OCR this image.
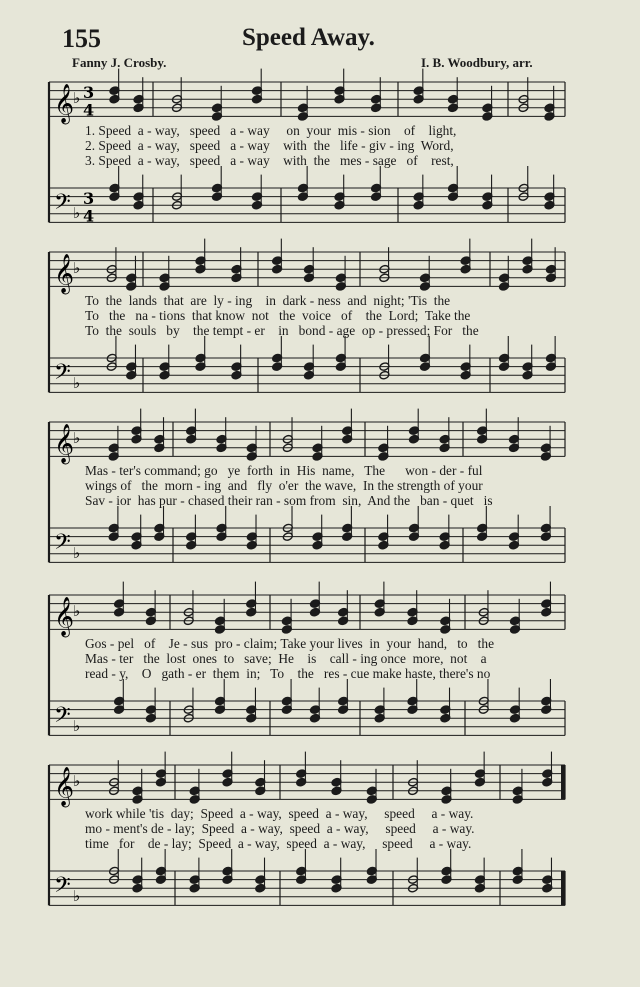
155	Speed Away.
Fanny J. Crosby.	I. B. Woodbury, arr.
𝄞
𝄢
♭
♭
3
4
3
4
1. Speed  a - way,   speed   a - way     on  your  mis - sion    of    light,
2. Speed  a - way,   speed   a - way    with  the   life - giv - ing  Word,
3. Speed  a - way,   speed   a - way    with  the   mes - sage   of    rest,
𝄞
𝄢
♭
♭
To  the  lands  that  are  ly - ing    in  dark - ness  and  night; 'Tis  the
To   the   na - tions  that know  not   the  voice   of    the  Lord;  Take the
To  the  souls   by    the tempt - er    in   bond - age  op - pressed; For   the
𝄞
𝄢
♭
♭
Mas - ter's command; go   ye  forth  in  His  name,   The      won - der - ful
wings of   the  morn - ing  and   fly  o'er  the wave,  In the strength of your
Sav - ior  has pur - chased their ran - som from  sin,  And the   ban - quet   is
𝄞
𝄢
♭
♭
Gos - pel   of    Je - sus  pro - claim; Take your lives  in  your  hand,   to   the
Mas - ter   the  lost  ones  to   save;  He    is    call - ing once  more,  not    a
read - y,    O   gath - er  them  in;   To    the   res - cue make haste, there's no
𝄞
𝄢
♭
♭
work while 'tis  day;  Speed  a - way,  speed  a - way,     speed     a - way.
mo - ment's de - lay;  Speed  a - way,  speed  a - way,     speed     a - way.
time   for    de - lay;  Speed  a - way,  speed  a - way,     speed     a - way.
